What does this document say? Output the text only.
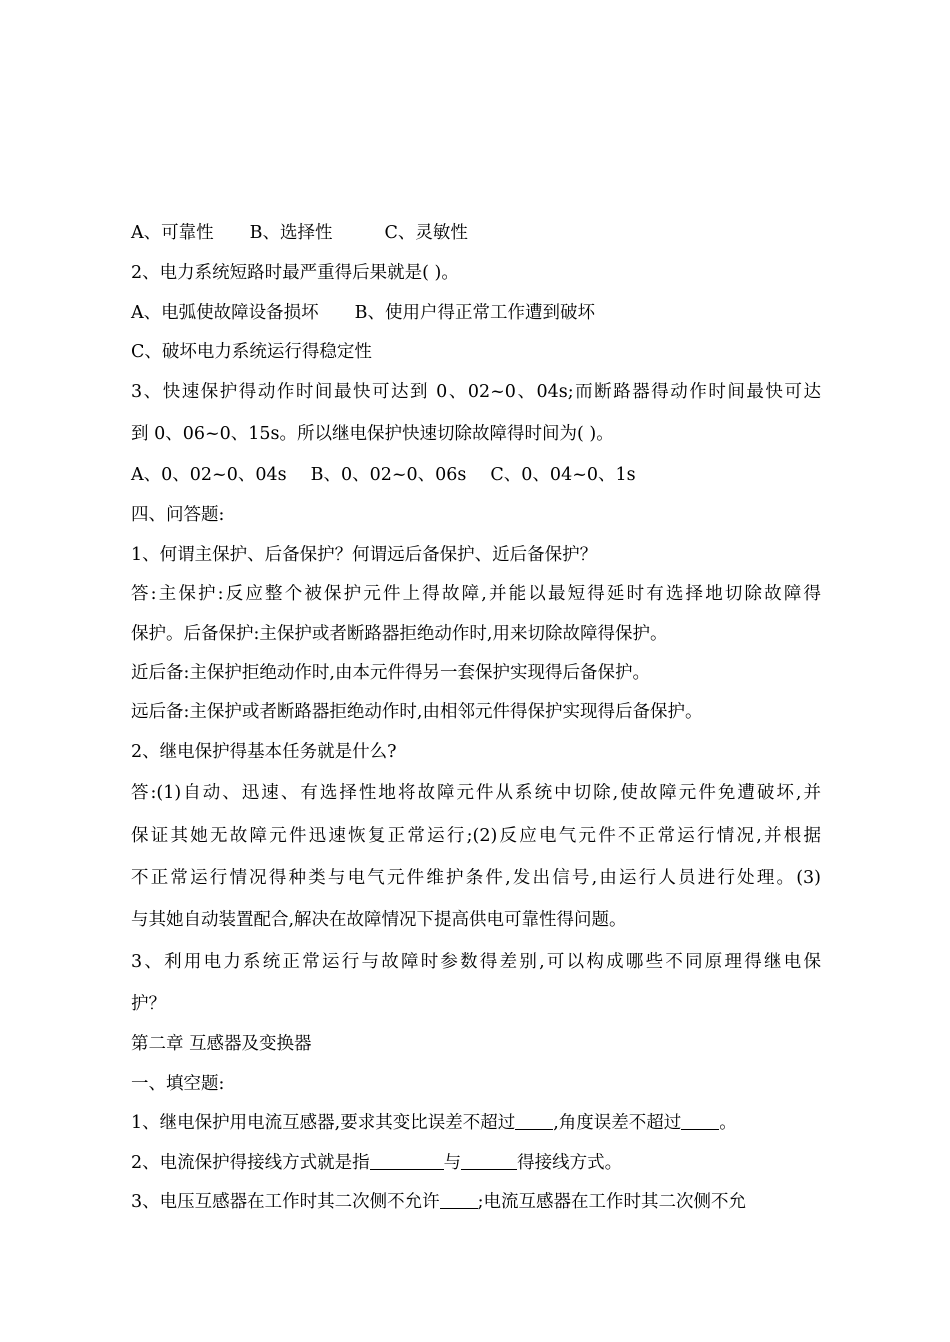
A、可靠性 B、选择性	C、灵敏性
2、电力系统短路时最严重得后果就是( )。
A、电弧使故障设备损坏 B、使用户得正常工作遭到破坏
C、破坏电力系统运行得稳定性
3、快速保护得动作时间最快可达到 0、02~0、04s;而断路器得动作时间最快可达
到 0、06~0、15s。所以继电保护快速切除故障得时间为( )。
A、0、02~0、04s B、0、02~0、06s C、0、04~0、1s
四、问答题:
1、何谓主保护、后备保护？何谓远后备保护、近后备保护？
答:主保护:反应整个被保护元件上得故障,并能以最短得延时有选择地切除故障得
保护。后备保护:主保护或者断路器拒绝动作时,用来切除故障得保护。
近后备:主保护拒绝动作时,由本元件得另一套保护实现得后备保护。
远后备:主保护或者断路器拒绝动作时,由相邻元件得保护实现得后备保护。
2、继电保护得基本任务就是什么?
答:(1)自动、迅速、有选择性地将故障元件从系统中切除,使故障元件免遭破坏,并
保证其她无故障元件迅速恢复正常运行;(2)反应电气元件不正常运行情况,并根据
不正常运行情况得种类与电气元件维护条件,发出信号,由运行人员进行处理。(3)
与其她自动装置配合,解决在故障情况下提高供电可靠性得问题。
3、利用电力系统正常运行与故障时参数得差别,可以构成哪些不同原理得继电保
护？
第二章 互感器及变换器
一、填空题:
1、继电保护用电流互感器,要求其变比误差不超过 ,角度误差不超过 。
2、电流保护得接线方式就是指	与	得接线方式。
3、电压互感器在工作时其二次侧不允许 ;电流互感器在工作时其二次侧不允
